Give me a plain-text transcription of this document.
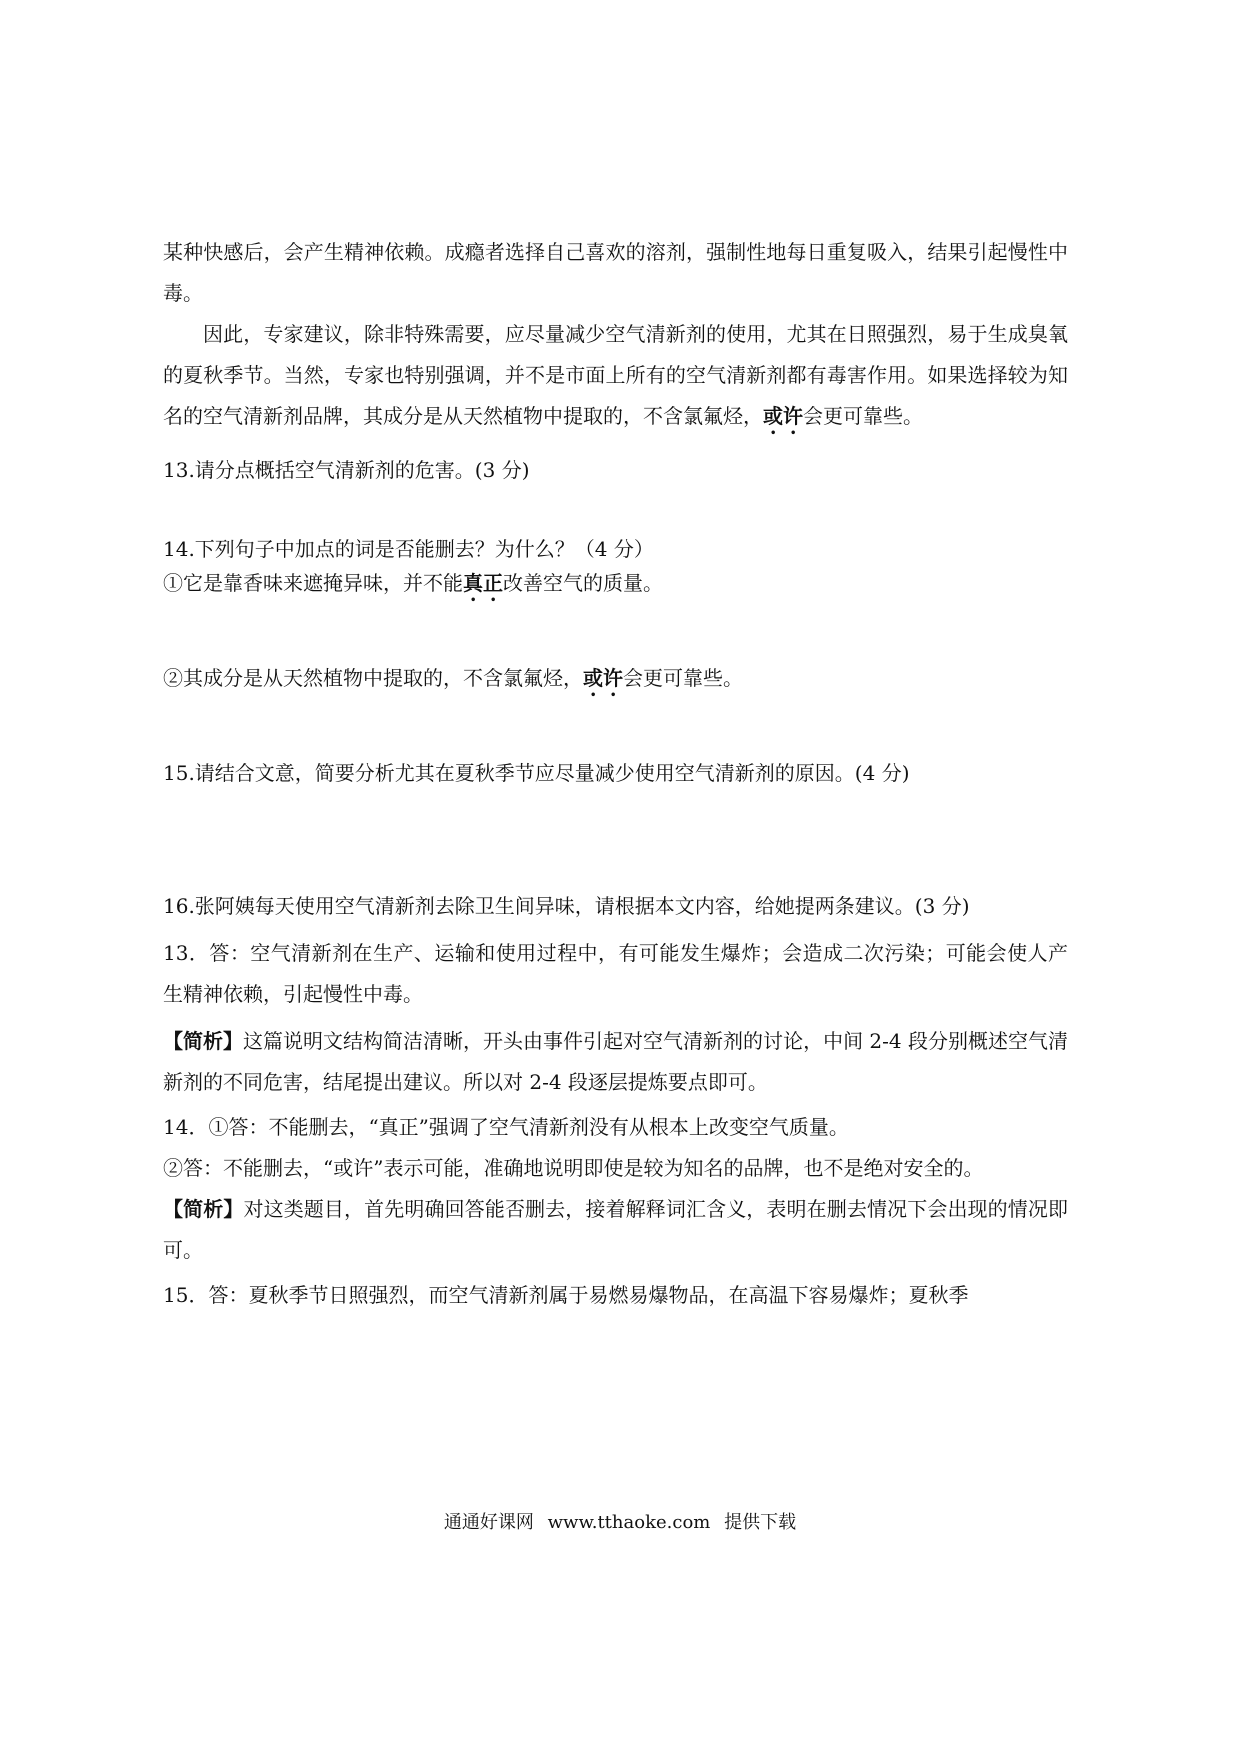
某种快感后，会产生精神依赖。成瘾者选择自己喜欢的溶剂，强制性地每日重复吸入，结果引起慢性中毒。

因此，专家建议，除非特殊需要，应尽量减少空气清新剂的使用，尤其在日照强烈，易于生成臭氧的夏秋季节。当然，专家也特别强调，并不是市面上所有的空气清新剂都有毒害作用。如果选择较为知名的空气清新剂品牌，其成分是从天然植物中提取的，不含氯氟烃，或许会更可靠些。

13.请分点概括空气清新剂的危害。(3 分)

14.下列句子中加点的词是否能删去？为什么？（4 分）

①它是靠香味来遮掩异味，并不能真正改善空气的质量。

②其成分是从天然植物中提取的，不含氯氟烃，或许会更可靠些。

15.请结合文意，简要分析尤其在夏秋季节应尽量减少使用空气清新剂的原因。(4 分)

16.张阿姨每天使用空气清新剂去除卫生间异味，请根据本文内容，给她提两条建议。(3 分)

13．答：空气清新剂在生产、运输和使用过程中，有可能发生爆炸；会造成二次污染；可能会使人产生精神依赖，引起慢性中毒。

【简析】这篇说明文结构简洁清晰，开头由事件引起对空气清新剂的讨论，中间 2-4 段分别概述空气清新剂的不同危害，结尾提出建议。所以对 2-4 段逐层提炼要点即可。

14．①答：不能删去，“真正”强调了空气清新剂没有从根本上改变空气质量。

②答：不能删去，“或许”表示可能，准确地说明即使是较为知名的品牌，也不是绝对安全的。

【简析】对这类题目，首先明确回答能否删去，接着解释词汇含义，表明在删去情况下会出现的情况即可。

15．答：夏秋季节日照强烈，而空气清新剂属于易燃易爆物品，在高温下容易爆炸；夏秋季

通通好课网 www.tthaoke.com 提供下载
